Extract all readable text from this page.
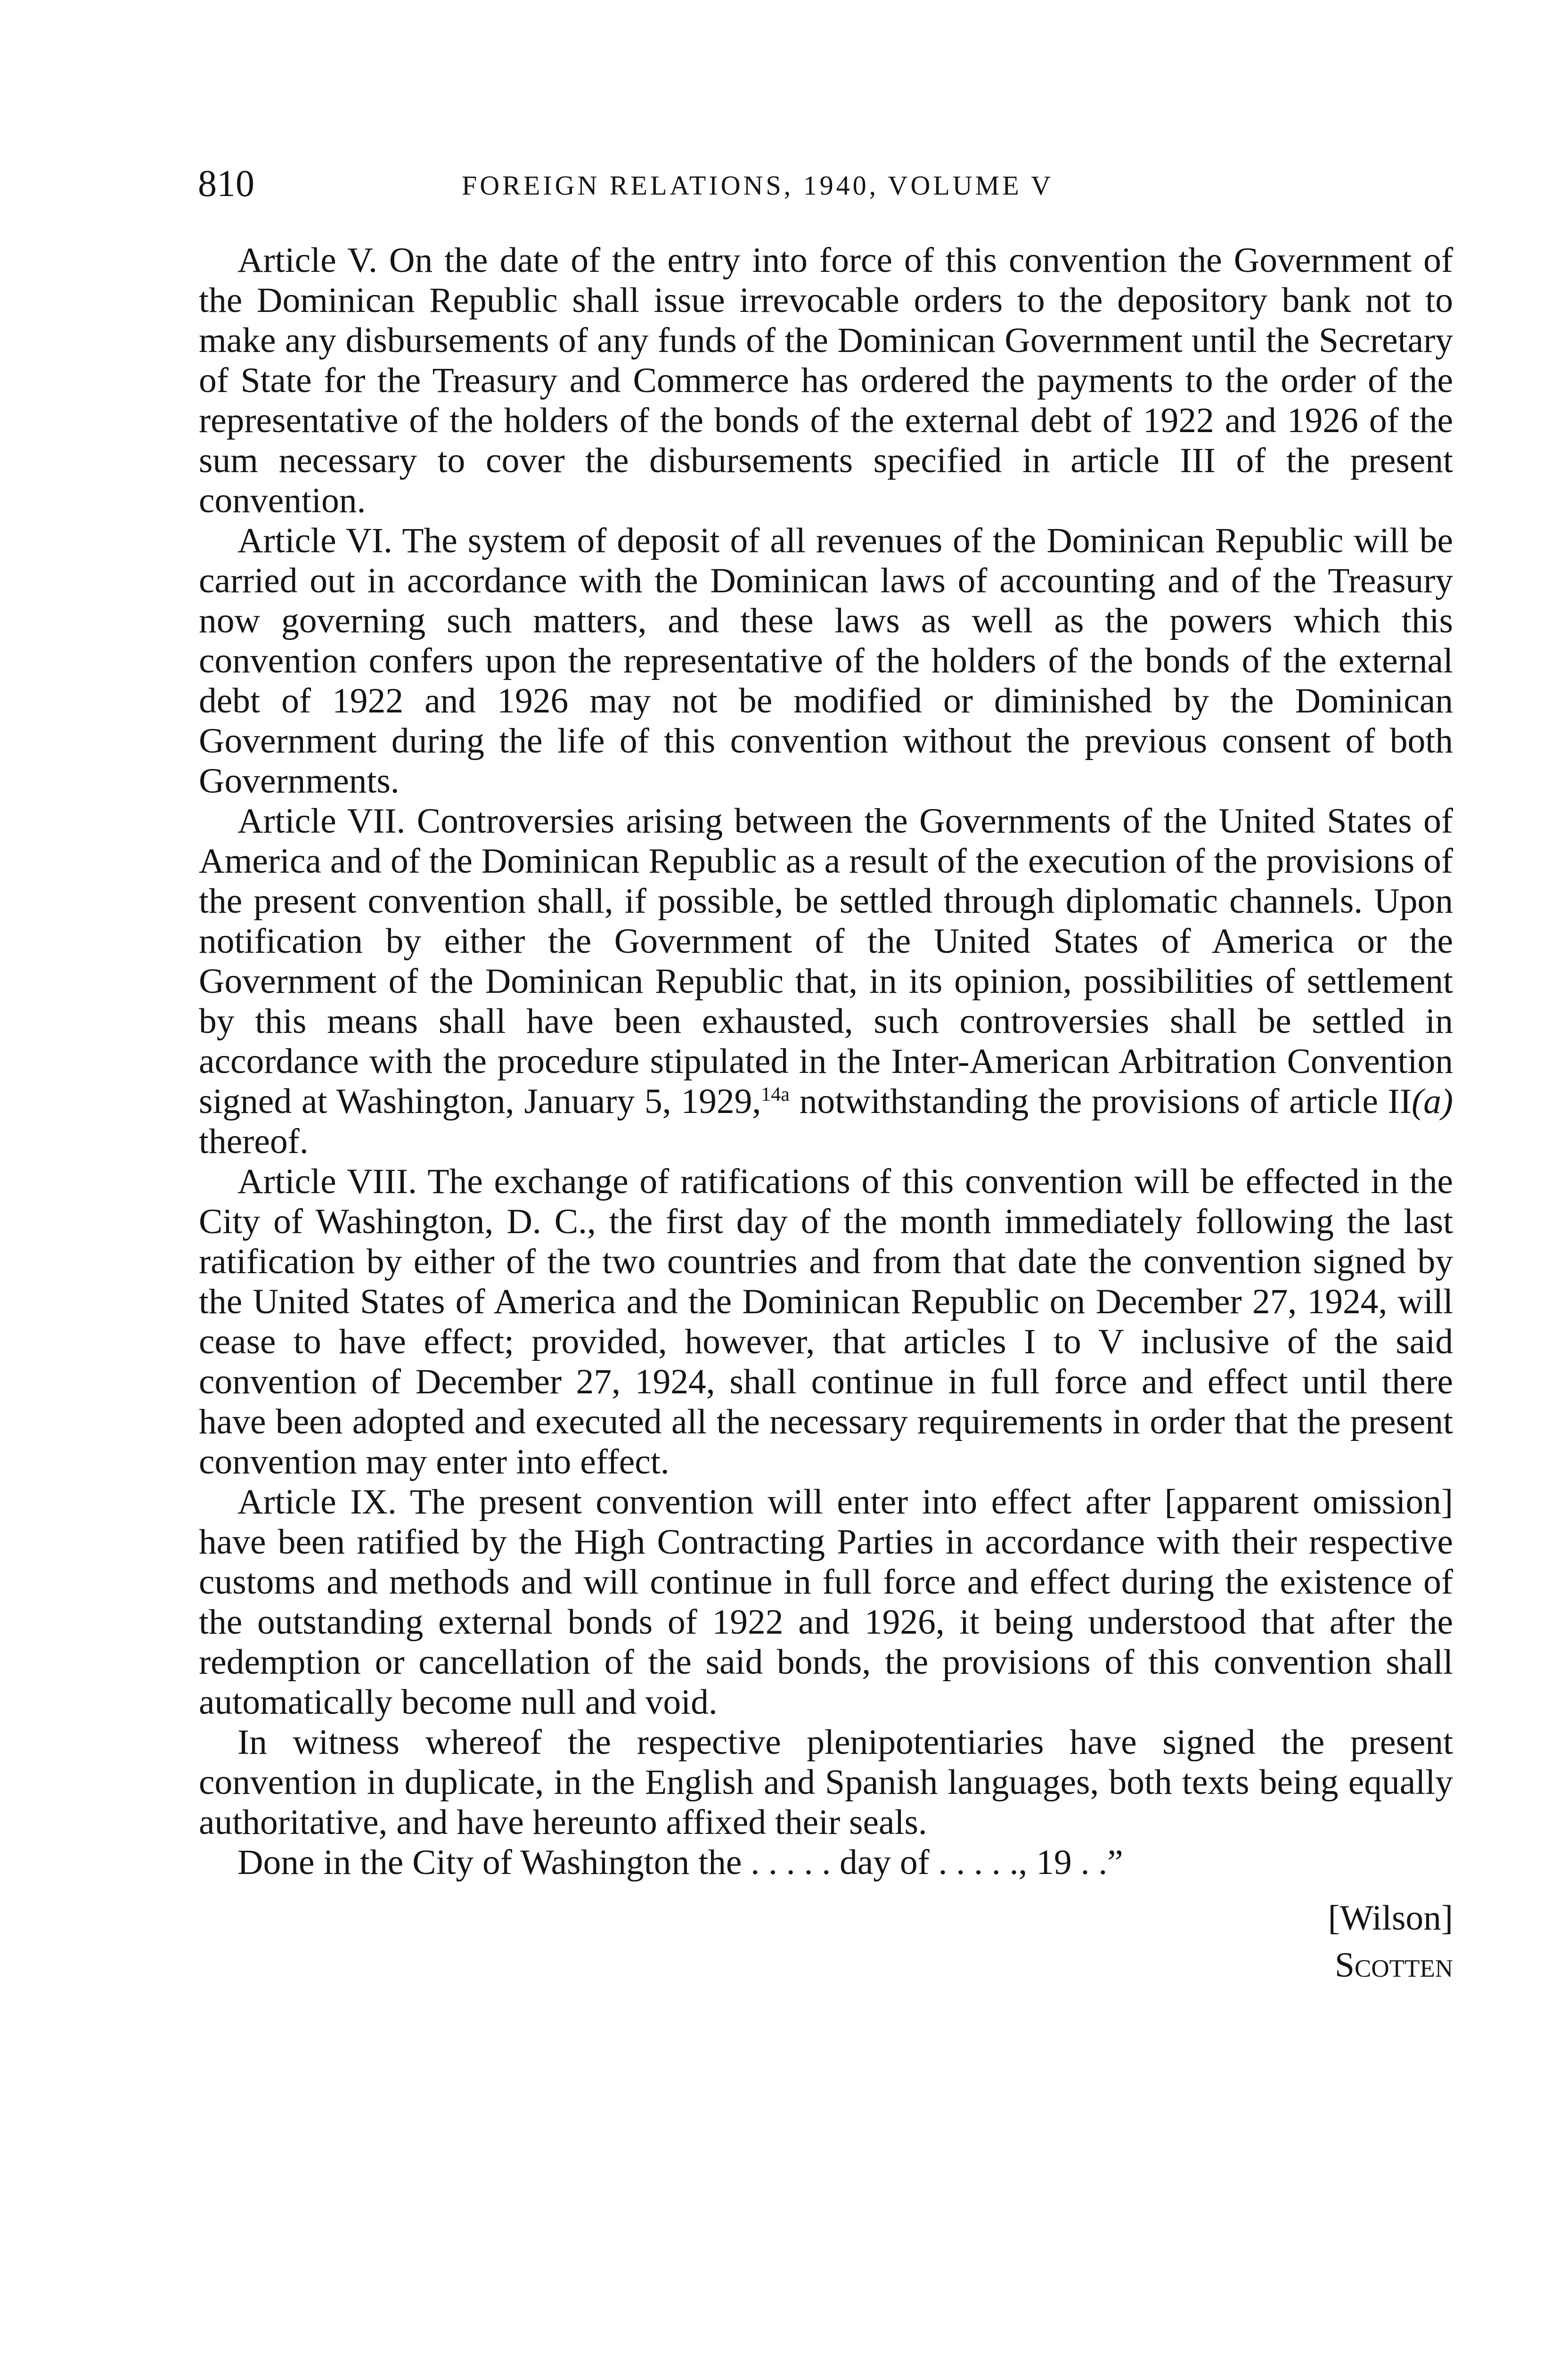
810	FOREIGN RELATIONS, 1940, VOLUME V

Article V. On the date of the entry into force of this convention the Government of the Dominican Republic shall issue irrevocable orders to the depository bank not to make any disbursements of any funds of the Dominican Government until the Secretary of State for the Treasury and Commerce has ordered the payments to the order of the representative of the holders of the bonds of the external debt of 1922 and 1926 of the sum necessary to cover the disbursements specified in article III of the present convention.

Article VI. The system of deposit of all revenues of the Dominican Republic will be carried out in accordance with the Dominican laws of accounting and of the Treasury now governing such matters, and these laws as well as the powers which this convention confers upon the representative of the holders of the bonds of the external debt of 1922 and 1926 may not be modified or diminished by the Dominican Government during the life of this convention without the previous consent of both Governments.

Article VII. Controversies arising between the Governments of the United States of America and of the Dominican Republic as a result of the execution of the provisions of the present convention shall, if possible, be settled through diplomatic channels. Upon notification by either the Government of the United States of America or the Government of the Dominican Republic that, in its opinion, possibilities of settlement by this means shall have been exhausted, such controversies shall be settled in accordance with the procedure stipulated in the Inter-American Arbitration Convention signed at Washington, January 5, 1929,$^{14a}$ notwithstanding the provisions of article II(a) thereof.

Article VIII. The exchange of ratifications of this convention will be effected in the City of Washington, D. C., the first day of the month immediately following the last ratification by either of the two countries and from that date the convention signed by the United States of America and the Dominican Republic on December 27, 1924, will cease to have effect; provided, however, that articles I to V inclusive of the said convention of December 27, 1924, shall continue in full force and effect until there have been adopted and executed all the necessary requirements in order that the present convention may enter into effect.

Article IX. The present convention will enter into effect after [apparent omission] have been ratified by the High Contracting Parties in accordance with their respective customs and methods and will continue in full force and effect during the existence of the outstanding external bonds of 1922 and 1926, it being understood that after the redemption or cancellation of the said bonds, the provisions of this convention shall automatically become null and void.

In witness whereof the respective plenipotentiaries have signed the present convention in duplicate, in the English and Spanish languages, both texts being equally authoritative, and have hereunto affixed their seals.

Done in the City of Washington the . . . . . day of . . . . ., 19 . .”

[Wilson]
Scotten
